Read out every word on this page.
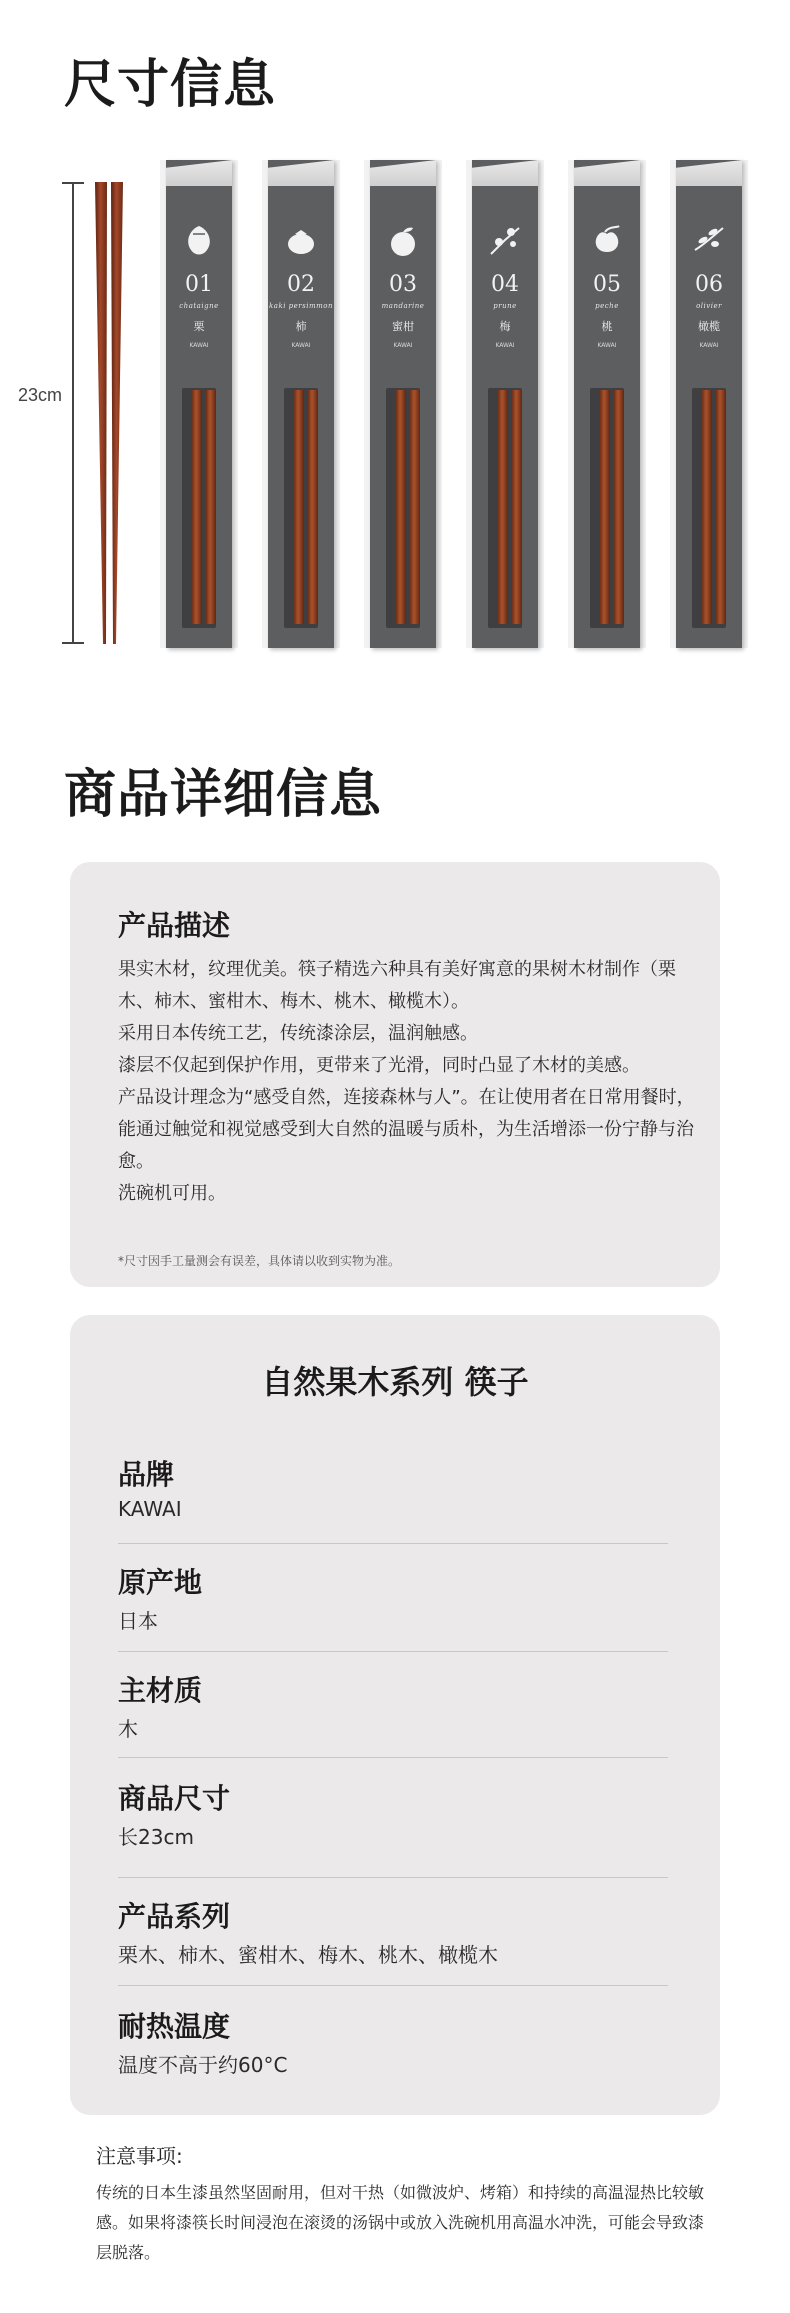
尺寸信息
23cm
01
chataigne
栗
KAWAI
02
kaki persimmon
柿
KAWAI
03
mandarine
蜜柑
KAWAI
04
prune
梅
KAWAI
05
peche
桃
KAWAI
06
olivier
橄榄
KAWAI
商品详细信息
产品描述

果实木材，纹理优美。筷子精选六种具有美好寓意的果树木材制作（栗木、柿木、蜜柑木、梅木、桃木、橄榄木）。

采用日本传统工艺，传统漆涂层，温润触感。

漆层不仅起到保护作用，更带来了光滑，同时凸显了木材的美感。

产品设计理念为“感受自然，连接森林与人”。在让使用者在日常用餐时，能通过触觉和视觉感受到大自然的温暖与质朴，为生活增添一份宁静与治愈。

洗碗机可用。

*尺寸因手工量测会有误差，具体请以收到实物为准。
自然果木系列 筷子
品牌
KAWAI
原产地
日本
主材质
木
商品尺寸
长23cm
产品系列
栗木、柿木、蜜柑木、梅木、桃木、橄榄木
耐热温度
温度不高于约60°C
注意事项:

传统的日本生漆虽然坚固耐用，但对干热（如微波炉、烤箱）和持续的高温湿热比较敏感。如果将漆筷长时间浸泡在滚烫的汤锅中或放入洗碗机用高温水冲洗，可能会导致漆层脱落。
